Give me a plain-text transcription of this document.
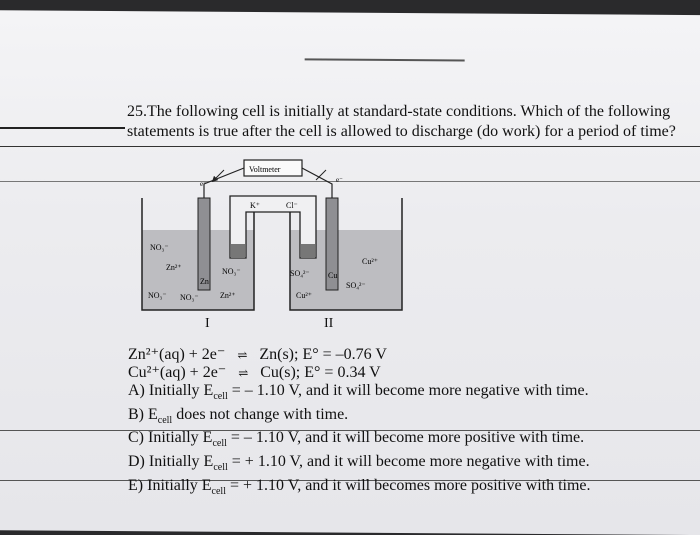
25.The following cell is initially at standard-state conditions. Which of the following
statements is true after the cell is allowed to discharge (do work) for a period of time?
Voltmeter
e⁻	e⁻
K⁺	Cl⁻
Zn
Cu
NO₃⁻
Zn²⁺	NO₃⁻
NO₃⁻ NO₃⁻	Zn²⁺
Cu²⁺
SO₄²⁻
SO₄²⁻
Cu²⁺
I	II
Zn²⁺(aq) + 2e⁻ ⇌ Zn(s); E° = –0.76 V
Cu²⁺(aq) + 2e⁻ ⇌ Cu(s); E° = 0.34 V
A) Initially $E_{cell}$ = – 1.10 V, and it will become more negative with time.
B) $E_{cell}$ does not change with time.
C) Initially $E_{cell}$ = – 1.10 V, and it will become more positive with time.
D) Initially $E_{cell}$ = + 1.10 V, and it will become more negative with time.
E) Initially $E_{cell}$ = + 1.10 V, and it will becomes more positive with time.
